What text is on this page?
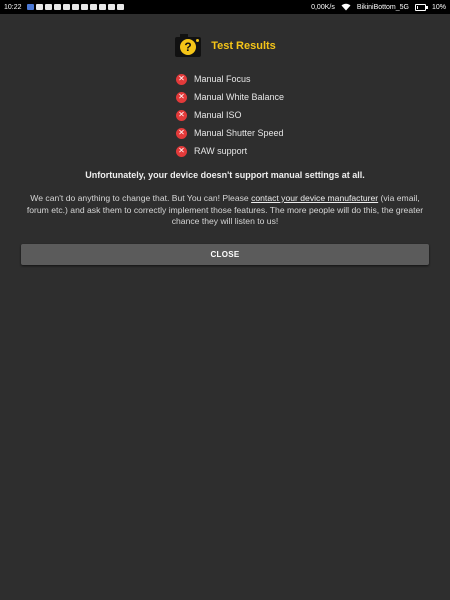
10:22	0,00K/s	BikiniBottom_5G	10%
? Test Results
✕ Manual Focus
✕ Manual White Balance
✕ Manual ISO
✕ Manual Shutter Speed
✕ RAW support
Unfortunately, your device doesn't support manual settings at all.
We can't do anything to change that. But You can! Please contact your device manufacturer (via email, forum etc.) and ask them to correctly implement those features. The more people will do this, the greater chance they will listen to us!
CLOSE
